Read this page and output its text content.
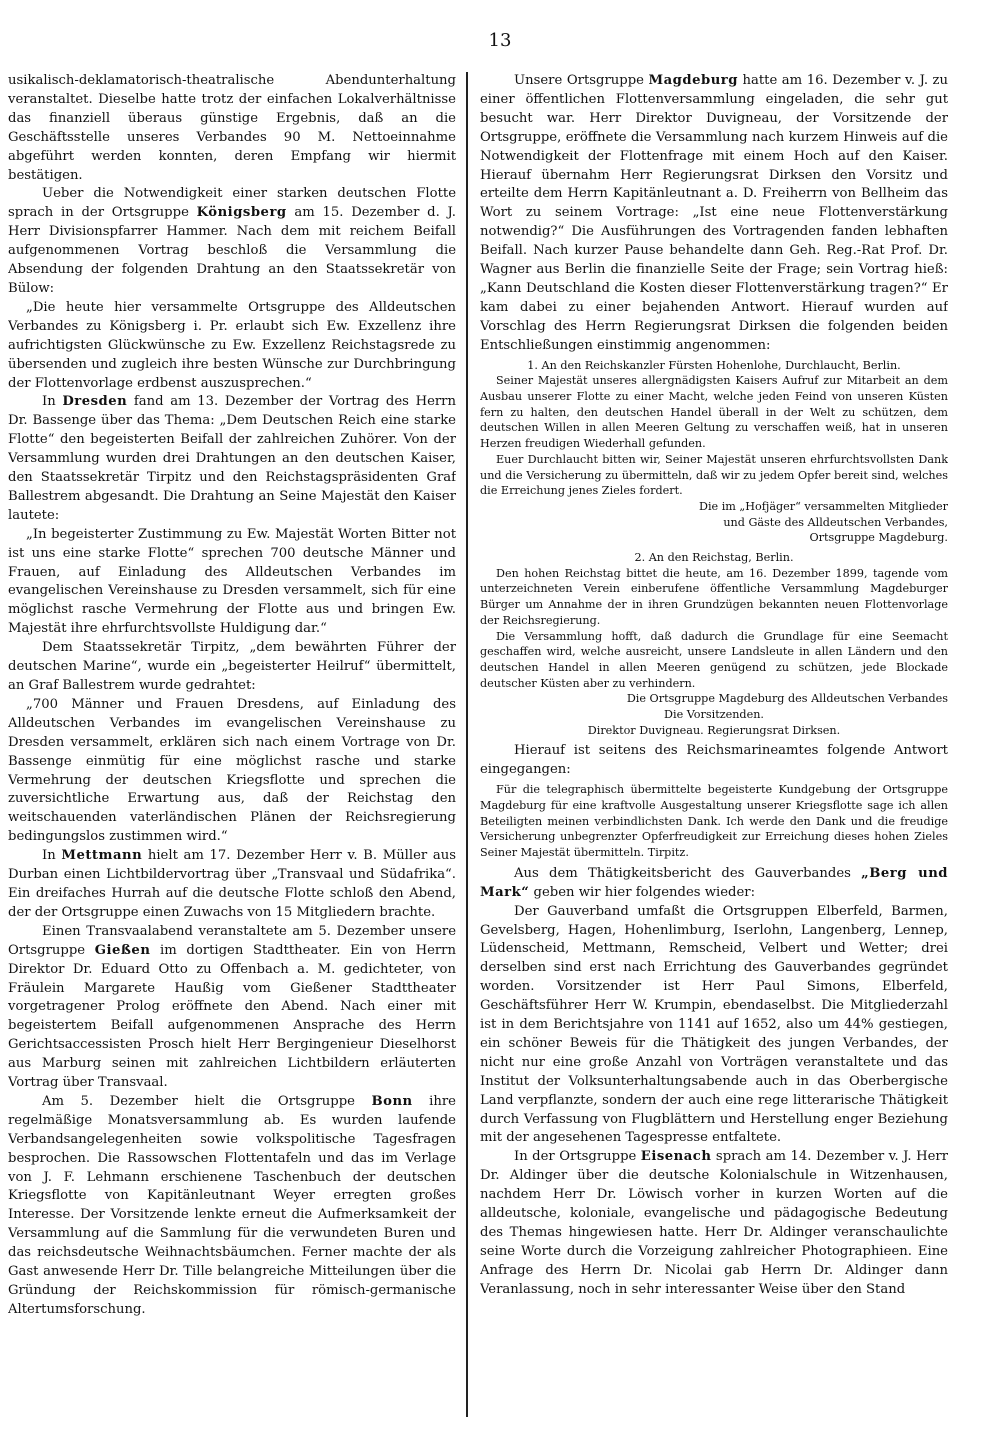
13

usikalisch-deklamatorisch-theatralische Abendunterhaltung veranstaltet. Dieselbe hatte trotz der einfachen Lokalverhältnisse das finanziell überaus günstige Ergebnis, daß an die Geschäftsstelle unseres Verbandes 90 M. Nettoeinnahme abgeführt werden konnten, deren Empfang wir hiermit bestätigen.

Ueber die Notwendigkeit einer starken deutschen Flotte sprach in der Ortsgruppe Königsberg am 15. Dezember d. J. Herr Divisionspfarrer Hammer. Nach dem mit reichem Beifall aufgenommenen Vortrag beschloß die Versammlung die Absendung der folgenden Drahtung an den Staatssekretär von Bülow:

„Die heute hier versammelte Ortsgruppe des Alldeutschen Verbandes zu Königsberg i. Pr. erlaubt sich Ew. Exzellenz ihre aufrichtigsten Glückwünsche zu Ew. Exzellenz Reichstagsrede zu übersenden und zugleich ihre besten Wünsche zur Durchbringung der Flottenvorlage erdbenst auszusprechen.“

In Dresden fand am 13. Dezember der Vortrag des Herrn Dr. Bassenge über das Thema: „Dem Deutschen Reich eine starke Flotte“ den begeisterten Beifall der zahlreichen Zuhörer. Von der Versammlung wurden drei Drahtungen an den deutschen Kaiser, den Staatssekretär Tirpitz und den Reichstagspräsidenten Graf Ballestrem abgesandt. Die Drahtung an Seine Majestät den Kaiser lautete:

„In begeisterter Zustimmung zu Ew. Majestät Worten Bitter not ist uns eine starke Flotte“ sprechen 700 deutsche Männer und Frauen, auf Einladung des Alldeutschen Verbandes im evangelischen Vereinshause zu Dresden versammelt, sich für eine möglichst rasche Vermehrung der Flotte aus und bringen Ew. Majestät ihre ehrfurchtsvollste Huldigung dar.“

Dem Staatssekretär Tirpitz, „dem bewährten Führer der deutschen Marine“, wurde ein „begeisterter Heilruf“ übermittelt, an Graf Ballestrem wurde gedrahtet:

„700 Männer und Frauen Dresdens, auf Einladung des Alldeutschen Verbandes im evangelischen Vereinshause zu Dresden versammelt, erklären sich nach einem Vortrage von Dr. Bassenge einmütig für eine möglichst rasche und starke Vermehrung der deutschen Kriegsflotte und sprechen die zuversichtliche Erwartung aus, daß der Reichstag den weitschauenden vaterländischen Plänen der Reichsregierung bedingungslos zustimmen wird.“

In Mettmann hielt am 17. Dezember Herr v. B. Müller aus Durban einen Lichtbildervortrag über „Transvaal und Südafrika“. Ein dreifaches Hurrah auf die deutsche Flotte schloß den Abend, der der Ortsgruppe einen Zuwachs von 15 Mitgliedern brachte.

Einen Transvaalabend veranstaltete am 5. Dezember unsere Ortsgruppe Gießen im dortigen Stadttheater. Ein von Herrn Direktor Dr. Eduard Otto zu Offenbach a. M. gedichteter, von Fräulein Margarete Haußig vom Gießener Stadttheater vorgetragener Prolog eröffnete den Abend. Nach einer mit begeistertem Beifall aufgenommenen Ansprache des Herrn Gerichtsaccessisten Prosch hielt Herr Bergingenieur Dieselhorst aus Marburg seinen mit zahlreichen Lichtbildern erläuterten Vortrag über Transvaal.

Am 5. Dezember hielt die Ortsgruppe Bonn ihre regelmäßige Monatsversammlung ab. Es wurden laufende Verbandsangelegenheiten sowie volkspolitische Tagesfragen besprochen. Die Rassowschen Flottentafeln und das im Verlage von J. F. Lehmann erschienene Taschenbuch der deutschen Kriegsflotte von Kapitänleutnant Weyer erregten großes Interesse. Der Vorsitzende lenkte erneut die Aufmerksamkeit der Versammlung auf die Sammlung für die verwundeten Buren und das reichsdeutsche Weihnachtsbäumchen. Ferner machte der als Gast anwesende Herr Dr. Tille belangreiche Mitteilungen über die Gründung der Reichskommission für römisch-germanische Altertumsforschung.

Unsere Ortsgruppe Magdeburg hatte am 16. Dezember v. J. zu einer öffentlichen Flottenversammlung eingeladen, die sehr gut besucht war. Herr Direktor Duvigneau, der Vorsitzende der Ortsgruppe, eröffnete die Versammlung nach kurzem Hinweis auf die Notwendigkeit der Flottenfrage mit einem Hoch auf den Kaiser. Hierauf übernahm Herr Regierungsrat Dirksen den Vorsitz und erteilte dem Herrn Kapitänleutnant a. D. Freiherrn von Bellheim das Wort zu seinem Vortrage: „Ist eine neue Flottenverstärkung notwendig?“ Die Ausführungen des Vortragenden fanden lebhaften Beifall. Nach kurzer Pause behandelte dann Geh. Reg.-Rat Prof. Dr. Wagner aus Berlin die finanzielle Seite der Frage; sein Vortrag hieß: „Kann Deutschland die Kosten dieser Flottenverstärkung tragen?“ Er kam dabei zu einer bejahenden Antwort. Hierauf wurden auf Vorschlag des Herrn Regierungsrat Dirksen die folgenden beiden Entschließungen einstimmig angenommen:

1. An den Reichskanzler Fürsten Hohenlohe, Durchlaucht, Berlin.

Seiner Majestät unseres allergnädigsten Kaisers Aufruf zur Mitarbeit an dem Ausbau unserer Flotte zu einer Macht, welche jeden Feind von unseren Küsten fern zu halten, den deutschen Handel überall in der Welt zu schützen, dem deutschen Willen in allen Meeren Geltung zu verschaffen weiß, hat in unseren Herzen freudigen Wiederhall gefunden.

Euer Durchlaucht bitten wir, Seiner Majestät unseren ehrfurchtsvollsten Dank und die Versicherung zu übermitteln, daß wir zu jedem Opfer bereit sind, welches die Erreichung jenes Zieles fordert.

Die im „Hofjäger“ versammelten Mitglieder

und Gäste des Alldeutschen Verbandes,

Ortsgruppe Magdeburg.

2. An den Reichstag, Berlin.

Den hohen Reichstag bittet die heute, am 16. Dezember 1899, tagende vom unterzeichneten Verein einberufene öffentliche Versammlung Magdeburger Bürger um Annahme der in ihren Grundzügen bekannten neuen Flottenvorlage der Reichsregierung.

Die Versammlung hofft, daß dadurch die Grundlage für eine Seemacht geschaffen wird, welche ausreicht, unsere Landsleute in allen Ländern und den deutschen Handel in allen Meeren genügend zu schützen, jede Blockade deutscher Küsten aber zu verhindern.

Die Ortsgruppe Magdeburg des Alldeutschen Verbandes

Die Vorsitzenden.

Direktor Duvigneau. Regierungsrat Dirksen.

Hierauf ist seitens des Reichsmarineamtes folgende Antwort eingegangen:

Für die telegraphisch übermittelte begeisterte Kundgebung der Ortsgruppe Magdeburg für eine kraftvolle Ausgestaltung unserer Kriegsflotte sage ich allen Beteiligten meinen verbindlichsten Dank. Ich werde den Dank und die freudige Versicherung unbegrenzter Opferfreudigkeit zur Erreichung dieses hohen Zieles Seiner Majestät übermitteln. Tirpitz.

Aus dem Thätigkeitsbericht des Gauverbandes „Berg und Mark“ geben wir hier folgendes wieder:

Der Gauverband umfaßt die Ortsgruppen Elberfeld, Barmen, Gevelsberg, Hagen, Hohenlimburg, Iserlohn, Langenberg, Lennep, Lüdenscheid, Mettmann, Remscheid, Velbert und Wetter; drei derselben sind erst nach Errichtung des Gauverbandes gegründet worden. Vorsitzender ist Herr Paul Simons, Elberfeld, Geschäftsführer Herr W. Krumpin, ebendaselbst. Die Mitgliederzahl ist in dem Berichtsjahre von 1141 auf 1652, also um 44% gestiegen, ein schöner Beweis für die Thätigkeit des jungen Verbandes, der nicht nur eine große Anzahl von Vorträgen veranstaltete und das Institut der Volksunterhaltungsabende auch in das Oberbergische Land verpflanzte, sondern der auch eine rege litterarische Thätigkeit durch Verfassung von Flugblättern und Herstellung enger Beziehung mit der angesehenen Tagespresse entfaltete.

In der Ortsgruppe Eisenach sprach am 14. Dezember v. J. Herr Dr. Aldinger über die deutsche Kolonialschule in Witzenhausen, nachdem Herr Dr. Löwisch vorher in kurzen Worten auf die alldeutsche, koloniale, evangelische und pädagogische Bedeutung des Themas hingewiesen hatte. Herr Dr. Aldinger veranschaulichte seine Worte durch die Vorzeigung zahlreicher Photographieen. Eine Anfrage des Herrn Dr. Nicolai gab Herrn Dr. Aldinger dann Veranlassung, noch in sehr interessanter Weise über den Stand
